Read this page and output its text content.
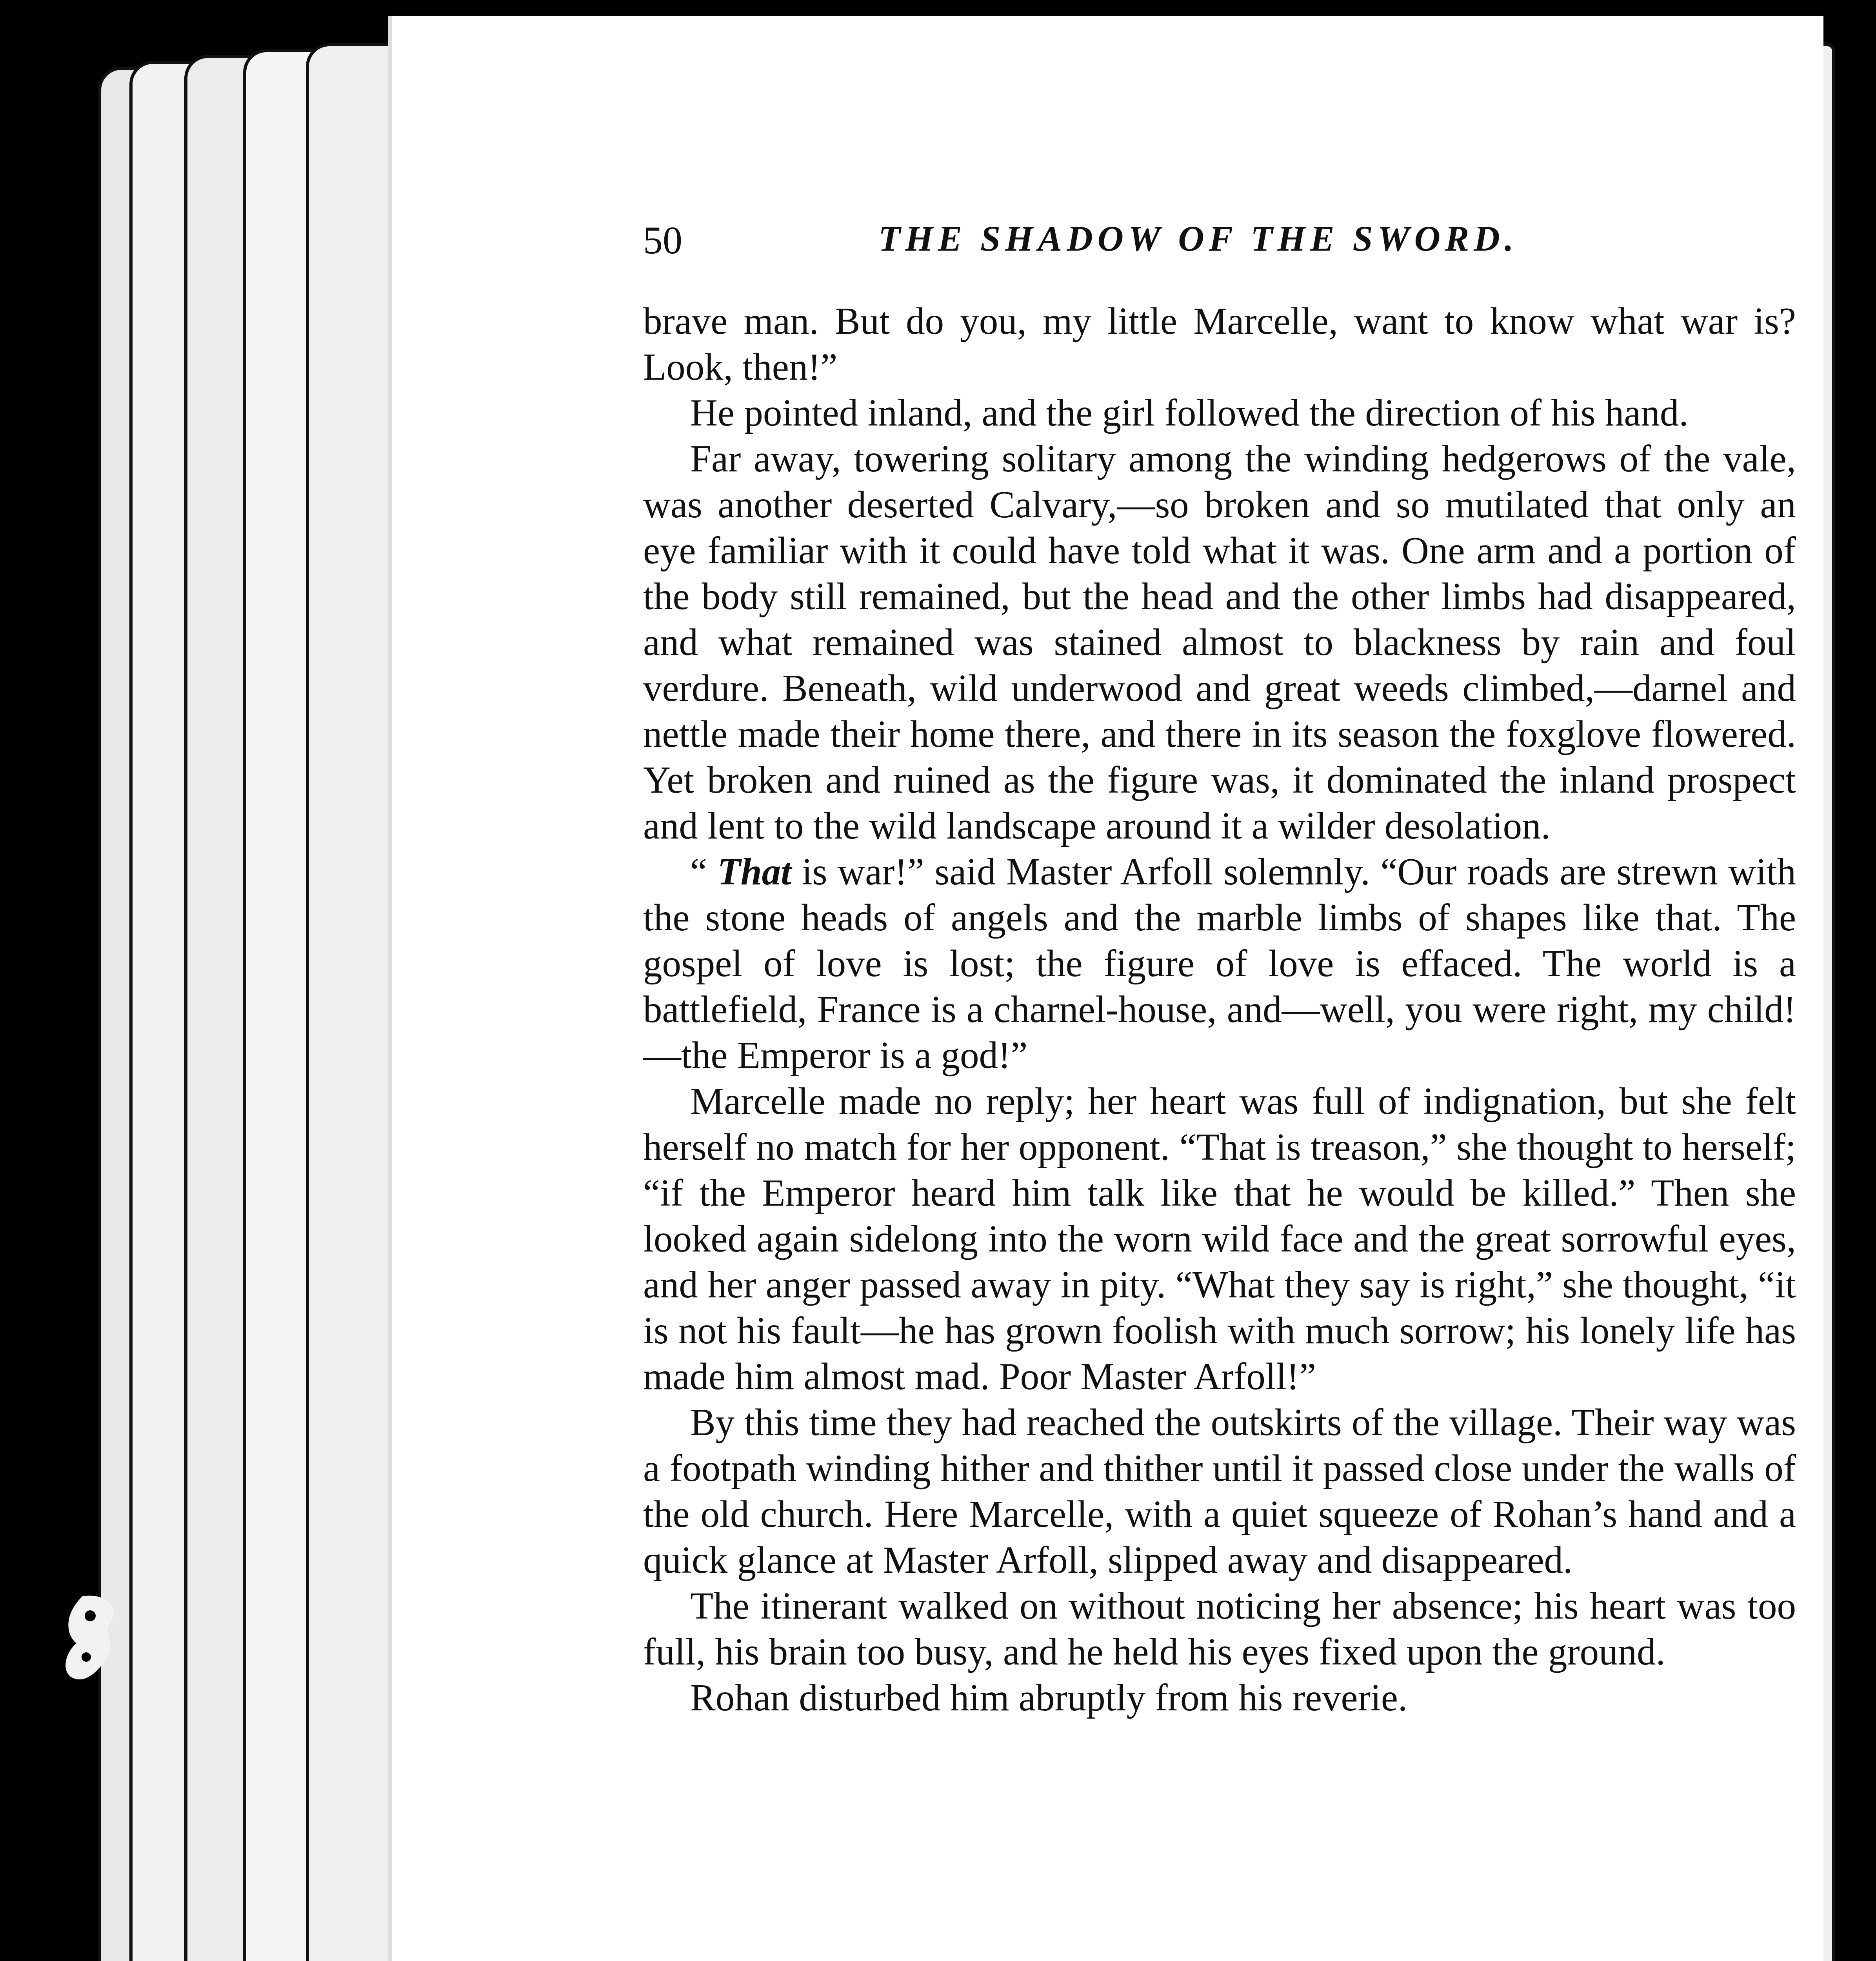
50	THE SHADOW OF THE SWORD.

brave man. But do you, my little Marcelle, want to know what war is? Look, then!”

He pointed inland, and the girl followed the direction of his hand.

Far away, towering solitary among the winding hedgerows of the vale, was another deserted Calvary,—so broken and so mutilated that only an eye familiar with it could have told what it was. One arm and a portion of the body still remained, but the head and the other limbs had disappeared, and what remained was stained almost to blackness by rain and foul verdure. Beneath, wild underwood and great weeds climbed,—darnel and nettle made their home there, and there in its season the foxglove flowered. Yet broken and ruined as the figure was, it dominated the inland prospect and lent to the wild landscape around it a wilder desolation.

“ That is war!” said Master Arfoll solemnly. “Our roads are strewn with the stone heads of angels and the marble limbs of shapes like that. The gospel of love is lost; the figure of love is effaced. The world is a battlefield, France is a charnel-house, and—well, you were right, my child!—the Emperor is a god!”

Marcelle made no reply; her heart was full of indignation, but she felt herself no match for her opponent. “That is treason,” she thought to herself; “if the Emperor heard him talk like that he would be killed.” Then she looked again sidelong into the worn wild face and the great sorrowful eyes, and her anger passed away in pity. “What they say is right,” she thought, “it is not his fault—he has grown foolish with much sorrow; his lonely life has made him almost mad. Poor Master Arfoll!”

By this time they had reached the outskirts of the village. Their way was a footpath winding hither and thither until it passed close under the walls of the old church. Here Marcelle, with a quiet squeeze of Rohan’s hand and a quick glance at Master Arfoll, slipped away and disappeared.

The itinerant walked on without noticing her absence; his heart was too full, his brain too busy, and he held his eyes fixed upon the ground.

Rohan disturbed him abruptly from his reverie.
